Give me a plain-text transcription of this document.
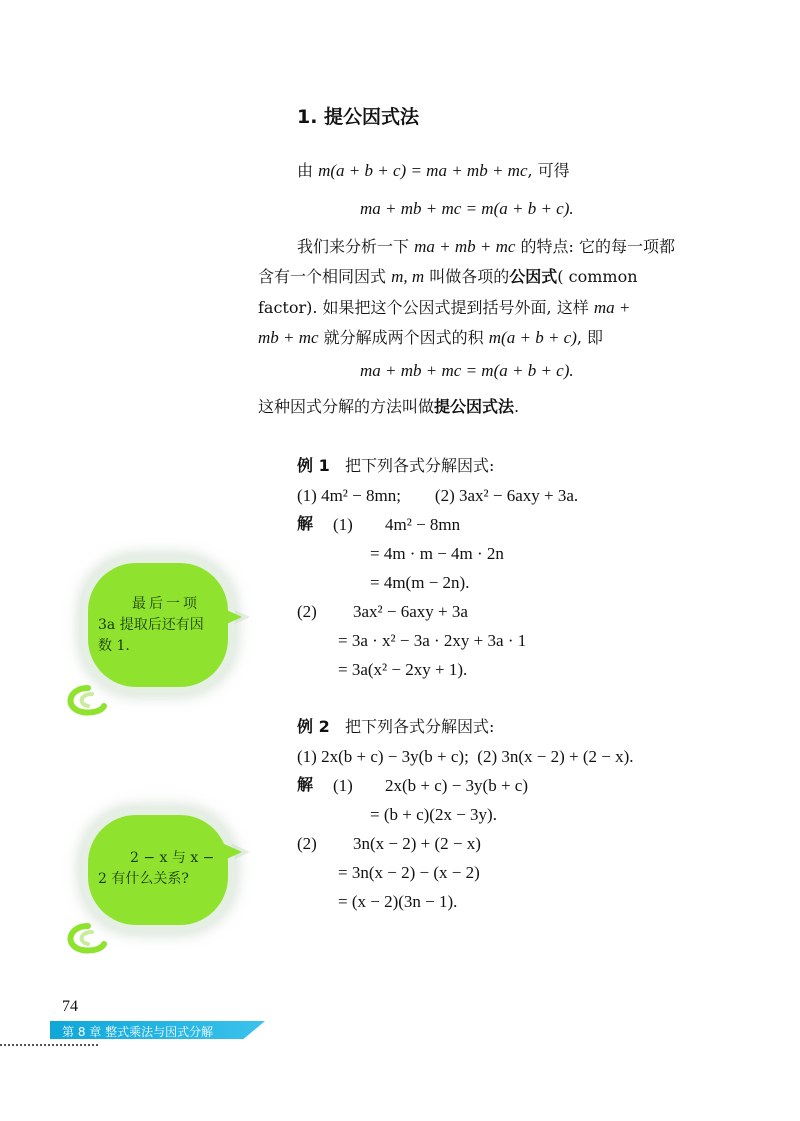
1. 提公因式法
由 m(a + b + c) = ma + mb + mc, 可得
ma + mb + mc = m(a + b + c).
我们来分析一下 ma + mb + mc 的特点: 它的每一项都
含有一个相同因式 m, m 叫做各项的公因式( common
factor). 如果把这个公因式提到括号外面, 这样 ma +
mb + mc 就分解成两个因式的积 m(a + b + c), 即
ma + mb + mc = m(a + b + c).
这种因式分解的方法叫做提公因式法.
例 1 把下列各式分解因式:
(1) 4m² − 8mn;        (2) 3ax² − 6axy + 3a.
解 (1) 4m² − 8mn
= 4m · m − 4m · 2n
= 4m(m − 2n).
(2) 3ax² − 6axy + 3a
= 3a · x² − 3a · 2xy + 3a · 1
= 3a(x² − 2xy + 1).
例 2 把下列各式分解因式:
(1) 2x(b + c) − 3y(b + c);  (2) 3n(x − 2) + (2 − x).
解 (1) 2x(b + c) − 3y(b + c)
= (b + c)(2x − 3y).
(2) 3n(x − 2) + (2 − x)
= 3n(x − 2) − (x − 2)
= (x − 2)(3n − 1).
最后一项
3a 提取后还有因
数 1.
2 − x 与 x −
2 有什么关系?
74
第 8 章 整式乘法与因式分解
